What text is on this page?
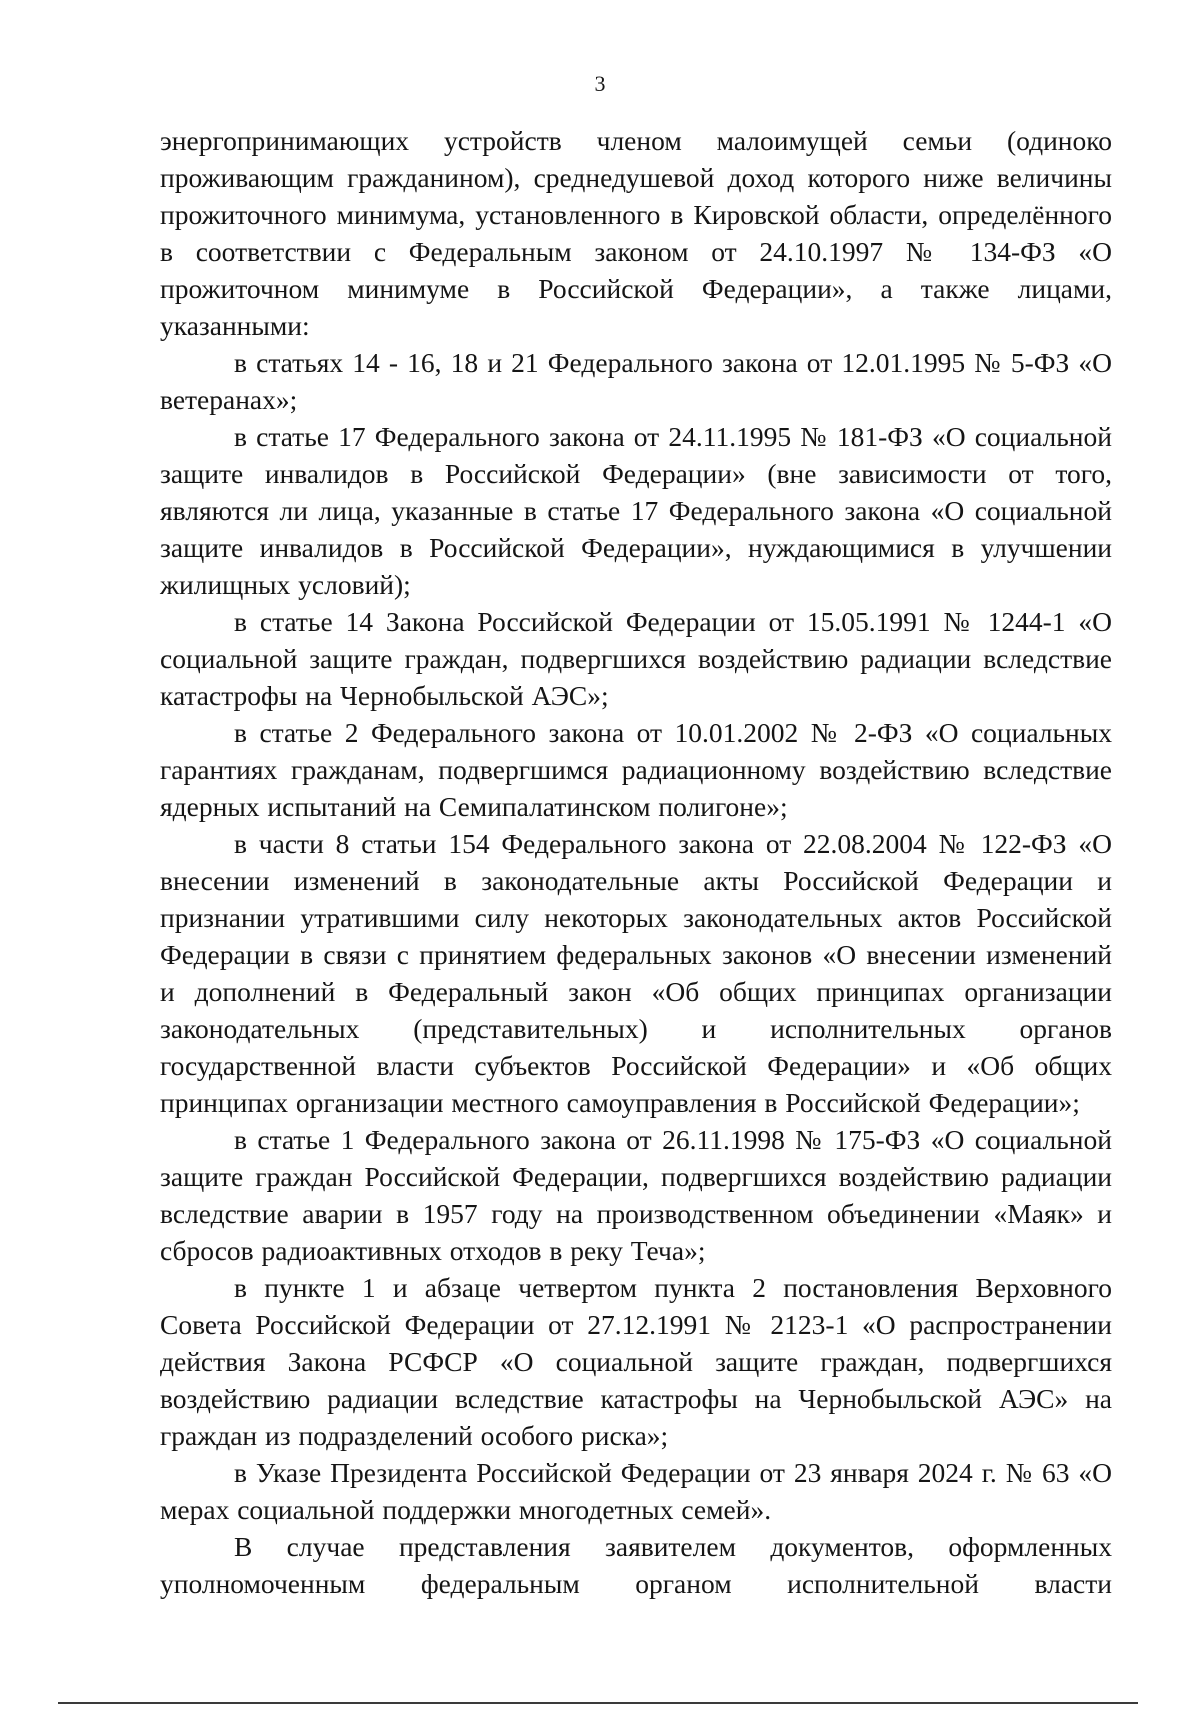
3

энергопринимающих устройств членом малоимущей семьи (одиноко проживающим гражданином), среднедушевой доход которого ниже величины прожиточного минимума, установленного в Кировской области, определённого в соответствии с Федеральным законом от 24.10.1997 № 134-ФЗ «О прожиточном минимуме в Российской Федерации», а также лицами, указанными:

в статьях 14 - 16, 18 и 21 Федерального закона от 12.01.1995 № 5-ФЗ «О ветеранах»;

в статье 17 Федерального закона от 24.11.1995 № 181-ФЗ «О социальной защите инвалидов в Российской Федерации» (вне зависимости от того, являются ли лица, указанные в статье 17 Федерального закона «О социальной защите инвалидов в Российской Федерации», нуждающимися в улучшении жилищных условий);

в статье 14 Закона Российской Федерации от 15.05.1991 № 1244-1 «О социальной защите граждан, подвергшихся воздействию радиации вследствие катастрофы на Чернобыльской АЭС»;

в статье 2 Федерального закона от 10.01.2002 № 2-ФЗ «О социальных гарантиях гражданам, подвергшимся радиационному воздействию вследствие ядерных испытаний на Семипалатинском полигоне»;

в части 8 статьи 154 Федерального закона от 22.08.2004 № 122-ФЗ «О внесении изменений в законодательные акты Российской Федерации и признании утратившими силу некоторых законодательных актов Российской Федерации в связи с принятием федеральных законов «О внесении изменений и дополнений в Федеральный закон «Об общих принципах организации законодательных (представительных) и исполнительных органов государственной власти субъектов Российской Федерации» и «Об общих принципах организации местного самоуправления в Российской Федерации»;

в статье 1 Федерального закона от 26.11.1998 № 175-ФЗ «О социальной защите граждан Российской Федерации, подвергшихся воздействию радиации вследствие аварии в 1957 году на производственном объединении «Маяк» и сбросов радиоактивных отходов в реку Теча»;

в пункте 1 и абзаце четвертом пункта 2 постановления Верховного Совета Российской Федерации от 27.12.1991 № 2123-1 «О распространении действия Закона РСФСР «О социальной защите граждан, подвергшихся воздействию радиации вследствие катастрофы на Чернобыльской АЭС» на граждан из подразделений особого риска»;

в Указе Президента Российской Федерации от 23 января 2024 г. № 63 «О мерах социальной поддержки многодетных семей».

В случае представления заявителем документов, оформленных уполномоченным федеральным органом исполнительной власти
